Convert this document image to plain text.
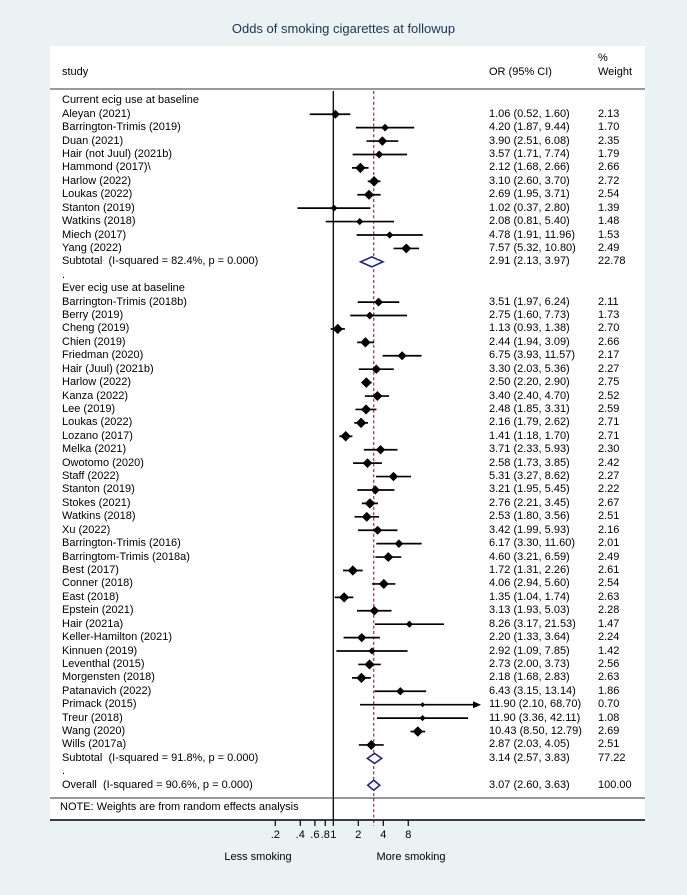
Odds of smoking cigarettes at followup
study	OR (95% CI)
%
Weight
Current ecig use at baseline
Aleyan (2021)	1.06 (0.52, 1.60)	2.13
Barrington-Trimis (2019)	4.20 (1.87, 9.44)	1.70
Duan (2021)	3.90 (2.51, 6.08)	2.35
Hair (not Juul) (2021b)	3.57 (1.71, 7.74)	1.79
Hammond (2017)\	2.12 (1.68, 2.66)	2.66
Harlow (2022)	3.10 (2.60, 3.70)	2.72
Loukas (2022)	2.69 (1.95, 3.71)	2.54
Stanton (2019)	1.02 (0.37, 2.80)	1.39
Watkins (2018)	2.08 (0.81, 5.40)	1.48
Miech (2017)	4.78 (1.91, 11.96) 1.53
Yang (2022)	7.57 (5.32, 10.80) 2.49
Subtotal  (I-squared = 82.4%, p = 0.000)	2.91 (2.13, 3.97)	22.78
.
Ever ecig use at baseline
Barrington-Trimis (2018b)	3.51 (1.97, 6.24)	2.11
Berry (2019)	2.75 (1.60, 7.73)	1.73
Cheng (2019)	1.13 (0.93, 1.38)	2.70
Chien (2019)	2.44 (1.94, 3.09)	2.66
Friedman (2020)	6.75 (3.93, 11.57) 2.17
Hair (Juul) (2021b)	3.30 (2.03, 5.36)	2.27
Harlow (2022)	2.50 (2.20, 2.90)	2.75
Kanza (2022)	3.40 (2.40, 4.70)	2.52
Lee (2019)	2.48 (1.85, 3.31)	2.59
Loukas (2022)	2.16 (1.79, 2.62)	2.71
Lozano (2017)	1.41 (1.18, 1.70)	2.71
Melka (2021)	3.71 (2.33, 5.93)	2.30
Owotomo (2020)	2.58 (1.73, 3.85)	2.42
Staff (2022)	5.31 (3.27, 8.62)	2.27
Stanton (2019)	3.21 (1.95, 5.45)	2.22
Stokes (2021)	2.76 (2.21, 3.45)	2.67
Watkins (2018)	2.53 (1.80, 3.56)	2.51
Xu (2022)	3.42 (1.99, 5.93)	2.16
Barrington-Trimis (2016)	6.17 (3.30, 11.60) 2.01
Barringtom-Trimis (2018a)	4.60 (3.21, 6.59)	2.49
Best (2017)	1.72 (1.31, 2.26)	2.61
Conner (2018)	4.06 (2.94, 5.60)	2.54
East (2018)	1.35 (1.04, 1.74)	2.63
Epstein (2021)	3.13 (1.93, 5.03)	2.28
Hair (2021a)	8.26 (3.17, 21.53) 1.47
Keller-Hamilton (2021)	2.20 (1.33, 3.64)	2.24
Kinnuen (2019)	2.92 (1.09, 7.85)	1.42
Leventhal (2015)	2.73 (2.00, 3.73)	2.56
Morgensten (2018)	2.18 (1.68, 2.83)	2.63
Patanavich (2022)	6.43 (3.15, 13.14) 1.86
Primack (2015)	11.90 (2.10, 68.70) 0.70
Treur (2018)	11.90 (3.36, 42.11) 1.08
Wang (2020)	10.43 (8.50, 12.79) 2.69
Wills (2017a)	2.87 (2.03, 4.05)	2.51
Subtotal  (I-squared = 91.8%, p = 0.000)	3.14 (2.57, 3.83)	77.22
.
Overall  (I-squared = 90.6%, p = 0.000)	3.07 (2.60, 3.63)	100.00
NOTE: Weights are from random effects analysis
.2 .4 .6 .8 1 2 4 8
Less smoking	More smoking
